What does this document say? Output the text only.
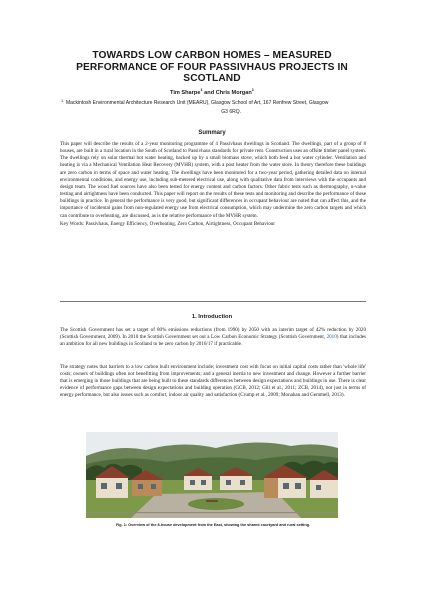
TOWARDS LOW CARBON HOMES – MEASURED PERFORMANCE OF FOUR PASSIVHAUS PROJECTS IN SCOTLAND
Tim Sharpe$^1$ and Chris Morgan$^1$
1 Mackintosh Environmental Architecture Research Unit (MEARU), Glasgow School of Art, 167 Renfrew Street, Glasgow
G3 6RQ.
Summary

This paper will describe the results of a 2-year monitoring programme of 4 Passivhaus dwellings in Scotland. The dwellings, part of a group of 8 houses, are built in a rural location in the South of Scotland to Passivhaus standards for private rent. Construction uses an offsite timber panel system. The dwellings rely on solar thermal hot water heating, backed up by a small biomass stove, which both feed a hot water cylinder. Ventilation and heating is via a Mechanical Ventilation Heat Recovery (MVHR) system, with a post heater from the water store. In theory therefore these buildings are zero carbon in terms of space and water heating. The dwellings have been monitored for a two-year period, gathering detailed data on internal environmental conditions, and energy use, including sub-metered electrical use, along with qualitative data from interviews with the occupants and design team. The wood fuel sources have also been tested for energy content and carbon factors. Other fabric tests such as thermography, u-value testing and airtightness have been conducted. This paper will report on the results of these tests and monitoring and describe the performance of these buildings in practice. In general the performance is very good, but significant differences in occupant behaviour are noted that can affect this, and the importance of incidental gains from non-regulated energy use from electrical consumption, which may undermine the zero carbon targets and which can contribute to overheating, are discussed, as is the relative performance of the MVHR system.

Key Words: Passivhaus, Energy Efficiency, Overheating, Zero Carbon, Airtightness, Occupant Behaviour

1. Introduction

The Scottish Government has set a target of 80% emissions reductions (from 1990) by 2050 with an interim target of 42% reduction by 2020 (Scottish Government, 2009). In 2010 the Scottish Government set out a Low Carbon Economic Strategy (Scottish Government, 2010) that includes an ambition for all new buildings in Scotland to be zero carbon by 2016/17 if practicable.

The strategy notes that barriers to a low carbon built environment include; investment cost with focus on initial capital costs rather than 'whole life' costs; owners of buildings often not benefitting from improvements; and a general inertia to new investment and change. However a further barrier that is emerging in those buildings that are being built to these standards differences between design expectations and buildings in use. There is clear evidence of performance gaps between design expectations and building operation (GCB, 2012; Gill et al., 2011; ZCB, 2014), not just in terms of energy performance, but also issues such as comfort, indoor air quality and satisfaction (Crump et al., 2009; Monahan and Gemmell, 2013).

Fig. 1: Overview of the 8-house development from the East, showing the shared courtyard and rural setting.
